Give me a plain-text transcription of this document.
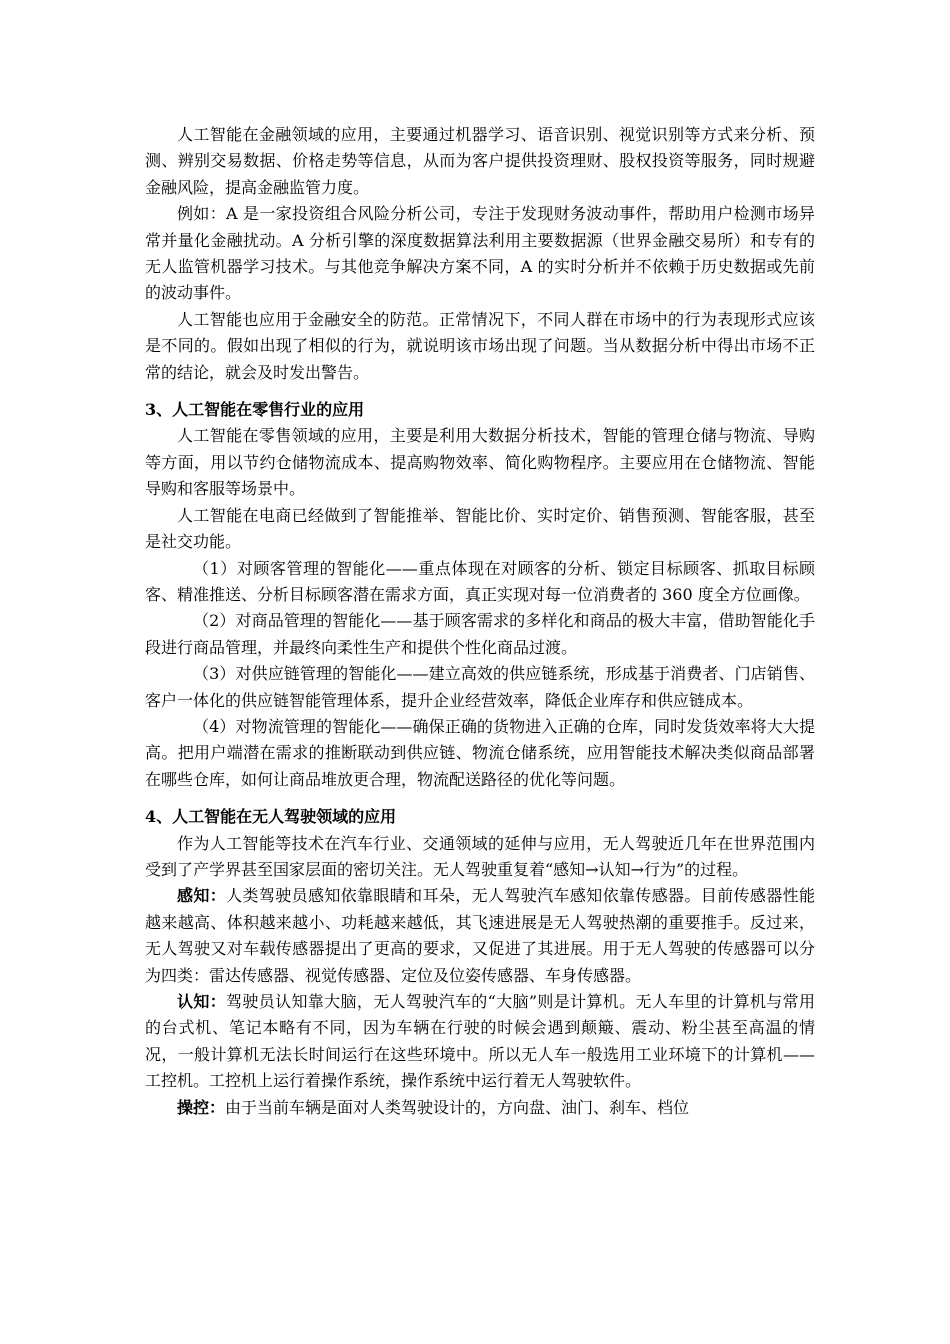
人工智能在金融领域的应用，主要通过机器学习、语音识别、视觉识别等方式来分析、预测、辨别交易数据、价格走势等信息，从而为客户提供投资理财、股权投资等服务，同时规避金融风险，提高金融监管力度。

例如：A 是一家投资组合风险分析公司，专注于发现财务波动事件，帮助用户检测市场异常并量化金融扰动。A 分析引擎的深度数据算法利用主要数据源（世界金融交易所）和专有的无人监管机器学习技术。与其他竞争解决方案不同，A 的实时分析并不依赖于历史数据或先前的波动事件。

人工智能也应用于金融安全的防范。正常情况下，不同人群在市场中的行为表现形式应该是不同的。假如出现了相似的行为，就说明该市场出现了问题。当从数据分析中得出市场不正常的结论，就会及时发出警告。

3、人工智能在零售行业的应用

人工智能在零售领域的应用，主要是利用大数据分析技术，智能的管理仓储与物流、导购等方面，用以节约仓储物流成本、提高购物效率、简化购物程序。主要应用在仓储物流、智能导购和客服等场景中。

人工智能在电商已经做到了智能推举、智能比价、实时定价、销售预测、智能客服，甚至是社交功能。

（1）对顾客管理的智能化——重点体现在对顾客的分析、锁定目标顾客、抓取目标顾客、精准推送、分析目标顾客潜在需求方面，真正实现对每一位消费者的 360 度全方位画像。

（2）对商品管理的智能化——基于顾客需求的多样化和商品的极大丰富，借助智能化手段进行商品管理，并最终向柔性生产和提供个性化商品过渡。

（3）对供应链管理的智能化——建立高效的供应链系统，形成基于消费者、门店销售、客户一体化的供应链智能管理体系，提升企业经营效率，降低企业库存和供应链成本。

（4）对物流管理的智能化——确保正确的货物进入正确的仓库，同时发货效率将大大提高。把用户端潜在需求的推断联动到供应链、物流仓储系统，应用智能技术解决类似商品部署在哪些仓库，如何让商品堆放更合理，物流配送路径的优化等问题。

4、人工智能在无人驾驶领域的应用

作为人工智能等技术在汽车行业、交通领域的延伸与应用，无人驾驶近几年在世界范围内受到了产学界甚至国家层面的密切关注。无人驾驶重复着“感知→认知→行为”的过程。

感知：人类驾驶员感知依靠眼睛和耳朵，无人驾驶汽车感知依靠传感器。目前传感器性能越来越高、体积越来越小、功耗越来越低，其飞速进展是无人驾驶热潮的重要推手。反过来，无人驾驶又对车载传感器提出了更高的要求，又促进了其进展。用于无人驾驶的传感器可以分为四类：雷达传感器、视觉传感器、定位及位姿传感器、车身传感器。

认知：驾驶员认知靠大脑，无人驾驶汽车的“大脑”则是计算机。无人车里的计算机与常用的台式机、笔记本略有不同，因为车辆在行驶的时候会遇到颠簸、震动、粉尘甚至高温的情况，一般计算机无法长时间运行在这些环境中。所以无人车一般选用工业环境下的计算机——工控机。工控机上运行着操作系统，操作系统中运行着无人驾驶软件。

操控：由于当前车辆是面对人类驾驶设计的，方向盘、油门、刹车、档位
